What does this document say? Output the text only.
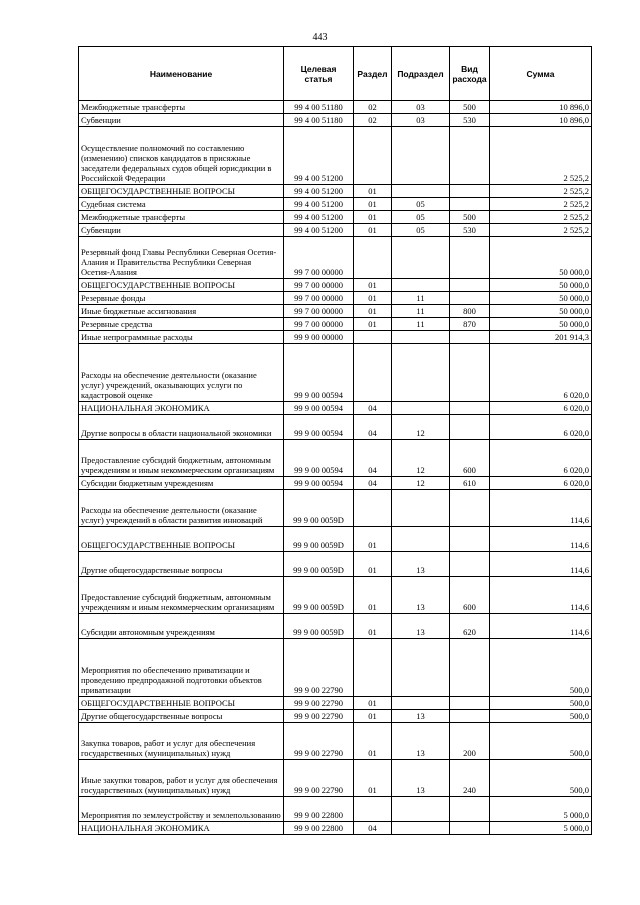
443
Наименование	Целевая статья	Раздел	Подраздел	Вид расхода	Сумма
Межбюджетные трансферты	99 4 00 51180	02	03	500	10 896,0
Субвенции	99 4 00 51180	02	03	530	10 896,0
Осуществление полномочий по составлению (изменению) списков кандидатов в присяжные заседатели федеральных судов общей юрисдикции в Российской Федерации	99 4 00 51200				2 525,2
ОБЩЕГОСУДАРСТВЕННЫЕ ВОПРОСЫ	99 4 00 51200	01			2 525,2
Судебная система	99 4 00 51200	01	05		2 525,2
Межбюджетные трансферты	99 4 00 51200	01	05	500	2 525,2
Субвенции	99 4 00 51200	01	05	530	2 525,2
Резервный фонд Главы Республики Северная Осетия-Алания и Правительства Республики Северная Осетия-Алания	99 7 00 00000				50 000,0
ОБЩЕГОСУДАРСТВЕННЫЕ ВОПРОСЫ	99 7 00 00000	01			50 000,0
Резервные фонды	99 7 00 00000	01	11		50 000,0
Иные бюджетные ассигнования	99 7 00 00000	01	11	800	50 000,0
Резервные средства	99 7 00 00000	01	11	870	50 000,0
Иные непрограммные расходы	99 9 00 00000				201 914,3
Расходы на обеспечение деятельности (оказание услуг) учреждений, оказывающих услуги по кадастровой оценке	99 9 00 00594				6 020,0
НАЦИОНАЛЬНАЯ ЭКОНОМИКА	99 9 00 00594	04			6 020,0
Другие вопросы в области национальной экономики	99 9 00 00594	04	12		6 020,0
Предоставление субсидий бюджетным, автономным учреждениям и иным некоммерческим организациям	99 9 00 00594	04	12	600	6 020,0
Субсидии бюджетным учреждениям	99 9 00 00594	04	12	610	6 020,0
Расходы на обеспечение деятельности (оказание услуг) учреждений в области развития инноваций	99 9 00 0059D				114,6
ОБЩЕГОСУДАРСТВЕННЫЕ ВОПРОСЫ	99 9 00 0059D	01			114,6
Другие общегосударственные вопросы	99 9 00 0059D	01	13		114,6
Предоставление субсидий бюджетным, автономным учреждениям и иным некоммерческим организациям	99 9 00 0059D	01	13	600	114,6
Субсидии автономным учреждениям	99 9 00 0059D	01	13	620	114,6
Мероприятия по обеспечению приватизации и проведению предпродажной подготовки объектов приватизации	99 9 00 22790				500,0
ОБЩЕГОСУДАРСТВЕННЫЕ ВОПРОСЫ	99 9 00 22790	01			500,0
Другие общегосударственные вопросы	99 9 00 22790	01	13		500,0
Закупка товаров, работ и услуг для обеспечения государственных (муниципальных) нужд	99 9 00 22790	01	13	200	500,0
Иные закупки товаров, работ и услуг для обеспечения государственных (муниципальных) нужд	99 9 00 22790	01	13	240	500,0
Мероприятия по землеустройству и землепользованию	99 9 00 22800				5 000,0
НАЦИОНАЛЬНАЯ ЭКОНОМИКА	99 9 00 22800	04			5 000,0
